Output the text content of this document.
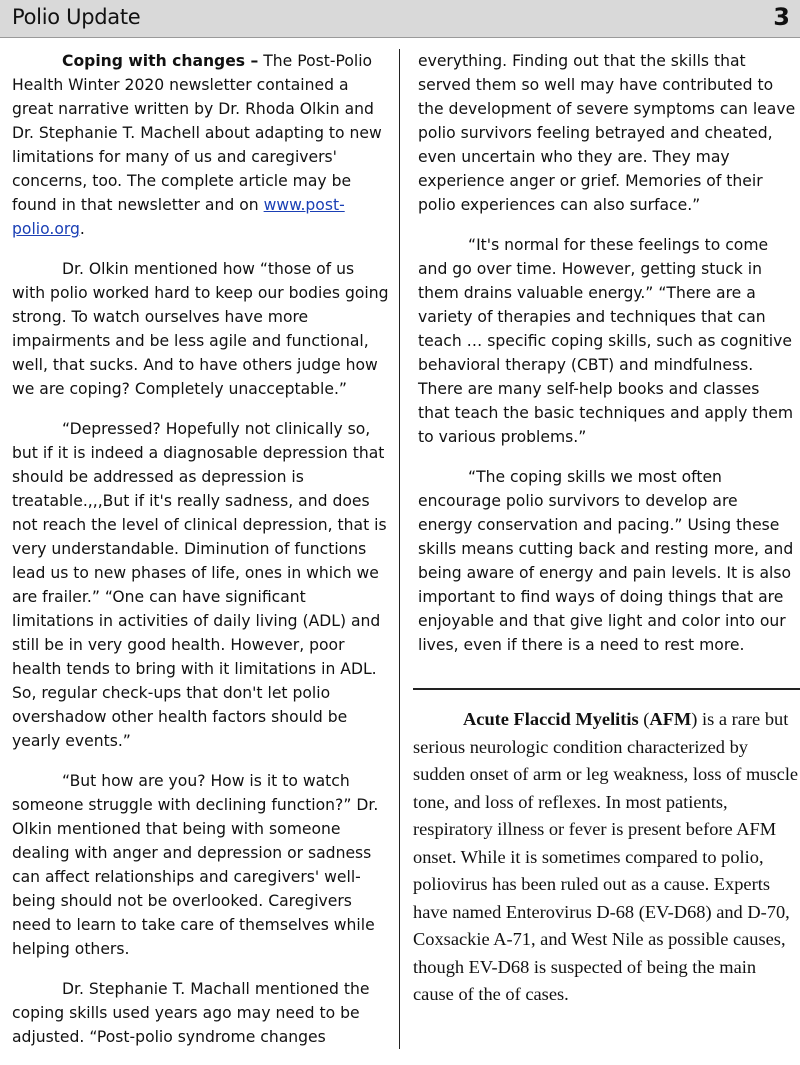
Polio Update	3

Coping with changes – The Post-Polio Health Winter 2020 newsletter contained a great narrative written by Dr. Rhoda Olkin and Dr. Stephanie T. Machell about adapting to new limitations for many of us and caregivers' concerns, too. The complete article may be found in that newsletter and on www.post-polio.org.

Dr. Olkin mentioned how “those of us with polio worked hard to keep our bodies going strong. To watch ourselves have more impairments and be less agile and functional, well, that sucks. And to have others judge how we are coping? Completely unacceptable.”

“Depressed? Hopefully not clinically so, but if it is indeed a diagnosable depression that should be addressed as depression is treatable.,,,But if it's really sadness, and does not reach the level of clinical depression, that is very understandable. Diminution of functions lead us to new phases of life, ones in which we are frailer.” “One can have significant limitations in activities of daily living (ADL) and still be in very good health. However, poor health tends to bring with it limitations in ADL. So, regular check-ups that don't let polio overshadow other health factors should be yearly events.”

“But how are you? How is it to watch someone struggle with declining function?” Dr. Olkin mentioned that being with someone dealing with anger and depression or sadness can affect relationships and caregivers' well-being should not be overlooked. Caregivers need to learn to take care of themselves while helping others.

Dr. Stephanie T. Machall mentioned the coping skills used years ago may need to be adjusted. “Post-polio syndrome changes

everything. Finding out that the skills that served them so well may have contributed to the development of severe symptoms can leave polio survivors feeling betrayed and cheated, even uncertain who they are. They may experience anger or grief. Memories of their polio experiences can also surface.”

“It's normal for these feelings to come and go over time. However, getting stuck in them drains valuable energy.” “There are a variety of therapies and techniques that can teach … specific coping skills, such as cognitive behavioral therapy (CBT) and mindfulness. There are many self-help books and classes that teach the basic techniques and apply them to various problems.”

“The coping skills we most often encourage polio survivors to develop are energy conservation and pacing.” Using these skills means cutting back and resting more, and being aware of energy and pain levels. It is also important to find ways of doing things that are enjoyable and that give light and color into our lives, even if there is a need to rest more.

Acute Flaccid Myelitis (AFM) is a rare but serious neurologic condition characterized by sudden onset of arm or leg weakness, loss of muscle tone, and loss of reflexes. In most patients, respiratory illness or fever is present before AFM onset. While it is sometimes compared to polio, poliovirus has been ruled out as a cause. Experts have named Enterovirus D-68 (EV-D68) and D-70, Coxsackie A-71, and West Nile as possible causes, though EV-D68 is suspected of being the main cause of the of cases.
